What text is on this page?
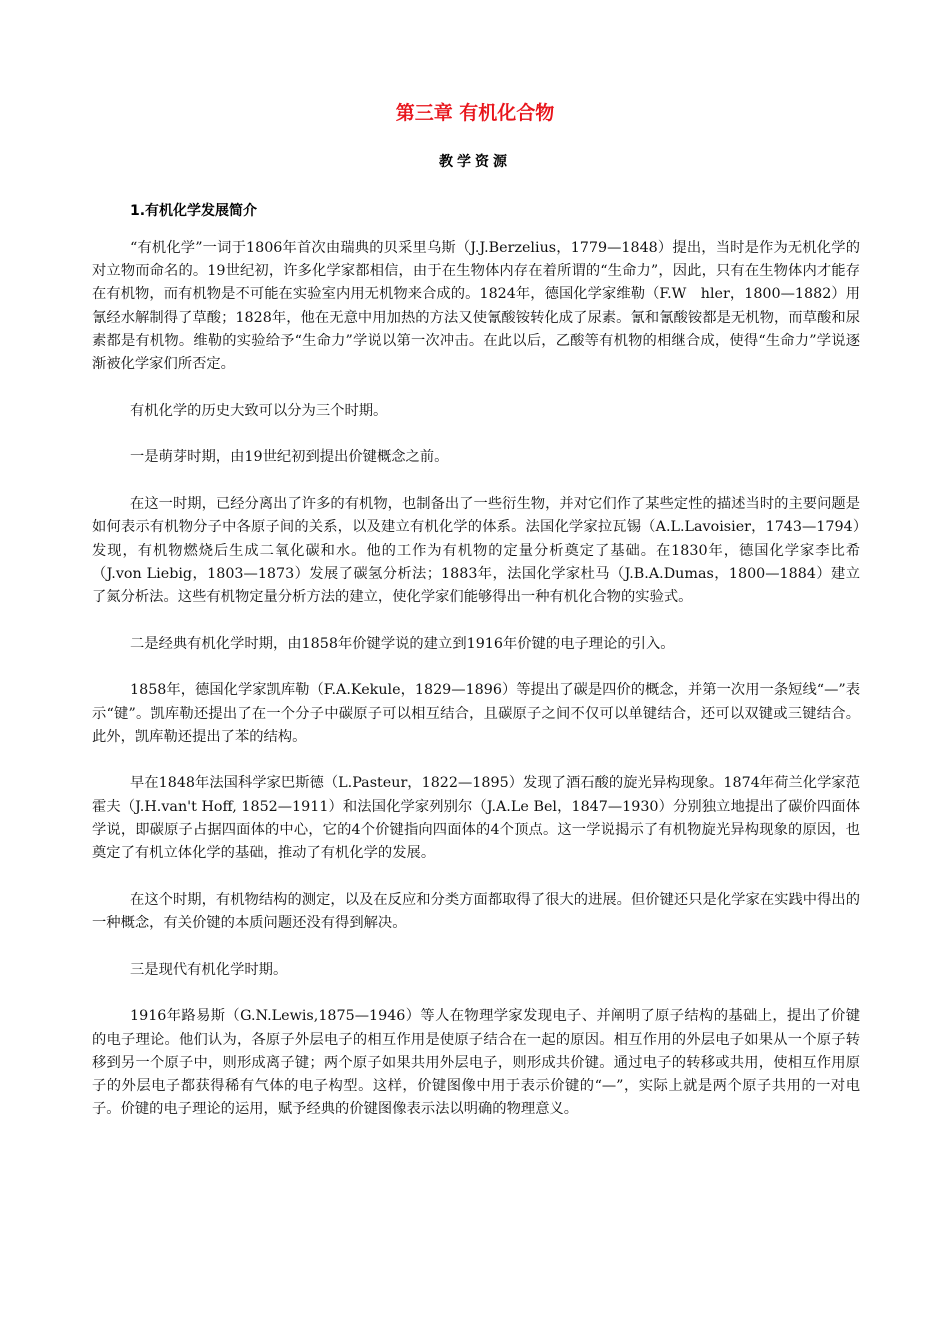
第三章 有机化合物
教学资源
1.有机化学发展简介

“有机化学”一词于1806年首次由瑞典的贝采里乌斯（J.J.Berzelius，1779—1848）提出，当时是作为无机化学的对立物而命名的。19世纪初，许多化学家都相信，由于在生物体内存在着所谓的“生命力”，因此，只有在生物体内才能存在有机物，而有机物是不可能在实验室内用无机物来合成的。1824年，德国化学家维勒（F.W　hler，1800—1882）用氰经水解制得了草酸；1828年，他在无意中用加热的方法又使氰酸铵转化成了尿素。氰和氰酸铵都是无机物，而草酸和尿素都是有机物。维勒的实验给予“生命力”学说以第一次冲击。在此以后，乙酸等有机物的相继合成，使得“生命力”学说逐渐被化学家们所否定。

有机化学的历史大致可以分为三个时期。

一是萌芽时期，由19世纪初到提出价键概念之前。

在这一时期，已经分离出了许多的有机物，也制备出了一些衍生物，并对它们作了某些定性的描述当时的主要问题是如何表示有机物分子中各原子间的关系，以及建立有机化学的体系。法国化学家拉瓦锡（A.L.Lavoisier，1743—1794）发现，有机物燃烧后生成二氧化碳和水。他的工作为有机物的定量分析奠定了基础。在1830年，德国化学家李比希（J.von Liebig，1803—1873）发展了碳氢分析法；1883年，法国化学家杜马（J.B.A.Dumas，1800—1884）建立了氮分析法。这些有机物定量分析方法的建立，使化学家们能够得出一种有机化合物的实验式。

二是经典有机化学时期，由1858年价键学说的建立到1916年价键的电子理论的引入。

1858年，德国化学家凯库勒（F.A.Kekule，1829—1896）等提出了碳是四价的概念，并第一次用一条短线“—”表示“键”。凯库勒还提出了在一个分子中碳原子可以相互结合，且碳原子之间不仅可以单键结合，还可以双键或三键结合。此外，凯库勒还提出了苯的结构。

早在1848年法国科学家巴斯德（L.Pasteur，1822—1895）发现了酒石酸的旋光异构现象。1874年荷兰化学家范霍夫（J.H.van't Hoff, 1852—1911）和法国化学家列别尔（J.A.Le Bel，1847—1930）分别独立地提出了碳价四面体学说，即碳原子占据四面体的中心，它的4个价键指向四面体的4个顶点。这一学说揭示了有机物旋光异构现象的原因，也奠定了有机立体化学的基础，推动了有机化学的发展。

在这个时期，有机物结构的测定，以及在反应和分类方面都取得了很大的进展。但价键还只是化学家在实践中得出的一种概念，有关价键的本质问题还没有得到解决。

三是现代有机化学时期。

1916年路易斯（G.N.Lewis,1875—1946）等人在物理学家发现电子、并阐明了原子结构的基础上，提出了价键的电子理论。他们认为，各原子外层电子的相互作用是使原子结合在一起的原因。相互作用的外层电子如果从一个原子转移到另一个原子中，则形成离子键；两个原子如果共用外层电子，则形成共价键。通过电子的转移或共用，使相互作用原子的外层电子都获得稀有气体的电子构型。这样，价键图像中用于表示价键的“—”，实际上就是两个原子共用的一对电子。价键的电子理论的运用，赋予经典的价键图像表示法以明确的物理意义。
